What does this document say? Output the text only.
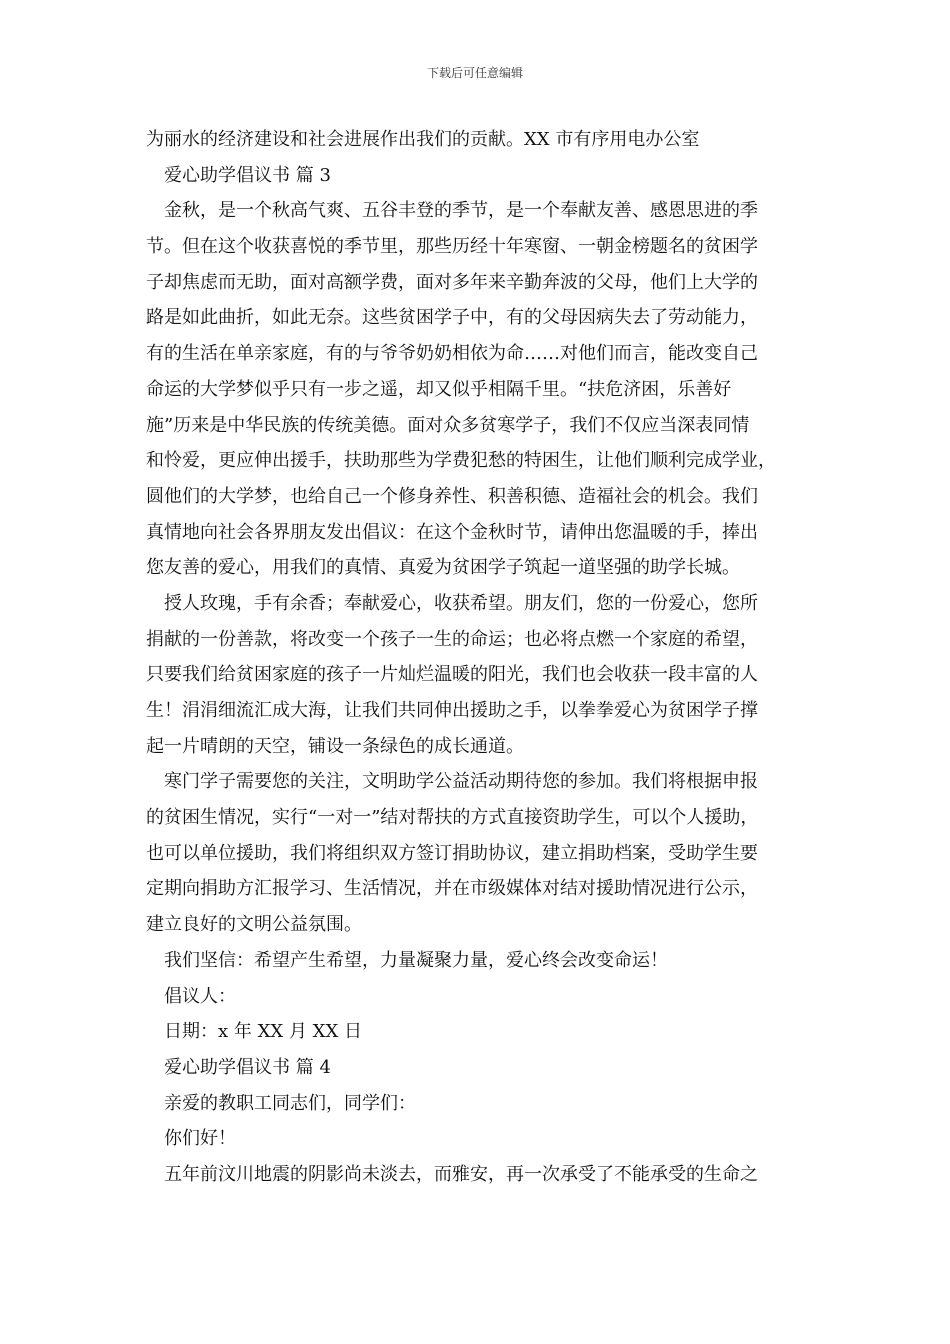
下载后可任意编辑
为丽水的经济建设和社会进展作出我们的贡献。XX 市有序用电办公室
爱心助学倡议书 篇 3
金秋，是一个秋高气爽、五谷丰登的季节，是一个奉献友善、感恩思进的季
节。但在这个收获喜悦的季节里，那些历经十年寒窗、一朝金榜题名的贫困学
子却焦虑而无助，面对高额学费，面对多年来辛勤奔波的父母，他们上大学的
路是如此曲折，如此无奈。这些贫困学子中，有的父母因病失去了劳动能力，
有的生活在单亲家庭，有的与爷爷奶奶相依为命……对他们而言，能改变自己
命运的大学梦似乎只有一步之遥，却又似乎相隔千里。“扶危济困，乐善好
施”历来是中华民族的传统美德。面对众多贫寒学子，我们不仅应当深表同情
和怜爱，更应伸出援手，扶助那些为学费犯愁的特困生，让他们顺利完成学业，
圆他们的大学梦，也给自己一个修身养性、积善积德、造福社会的机会。我们
真情地向社会各界朋友发出倡议：在这个金秋时节，请伸出您温暖的手，捧出
您友善的爱心，用我们的真情、真爱为贫困学子筑起一道坚强的助学长城。
授人玫瑰，手有余香；奉献爱心，收获希望。朋友们，您的一份爱心，您所
捐献的一份善款，将改变一个孩子一生的命运；也必将点燃一个家庭的希望，
只要我们给贫困家庭的孩子一片灿烂温暖的阳光，我们也会收获一段丰富的人
生！涓涓细流汇成大海，让我们共同伸出援助之手，以拳拳爱心为贫困学子撑
起一片晴朗的天空，铺设一条绿色的成长通道。
寒门学子需要您的关注，文明助学公益活动期待您的参加。我们将根据申报
的贫困生情况，实行“一对一”结对帮扶的方式直接资助学生，可以个人援助，
也可以单位援助，我们将组织双方签订捐助协议，建立捐助档案，受助学生要
定期向捐助方汇报学习、生活情况，并在市级媒体对结对援助情况进行公示，
建立良好的文明公益氛围。
我们坚信：希望产生希望，力量凝聚力量，爱心终会改变命运！
倡议人：
日期：x 年 XX 月 XX 日
爱心助学倡议书 篇 4
亲爱的教职工同志们，同学们：
你们好！
五年前汶川地震的阴影尚未淡去，而雅安，再一次承受了不能承受的生命之
